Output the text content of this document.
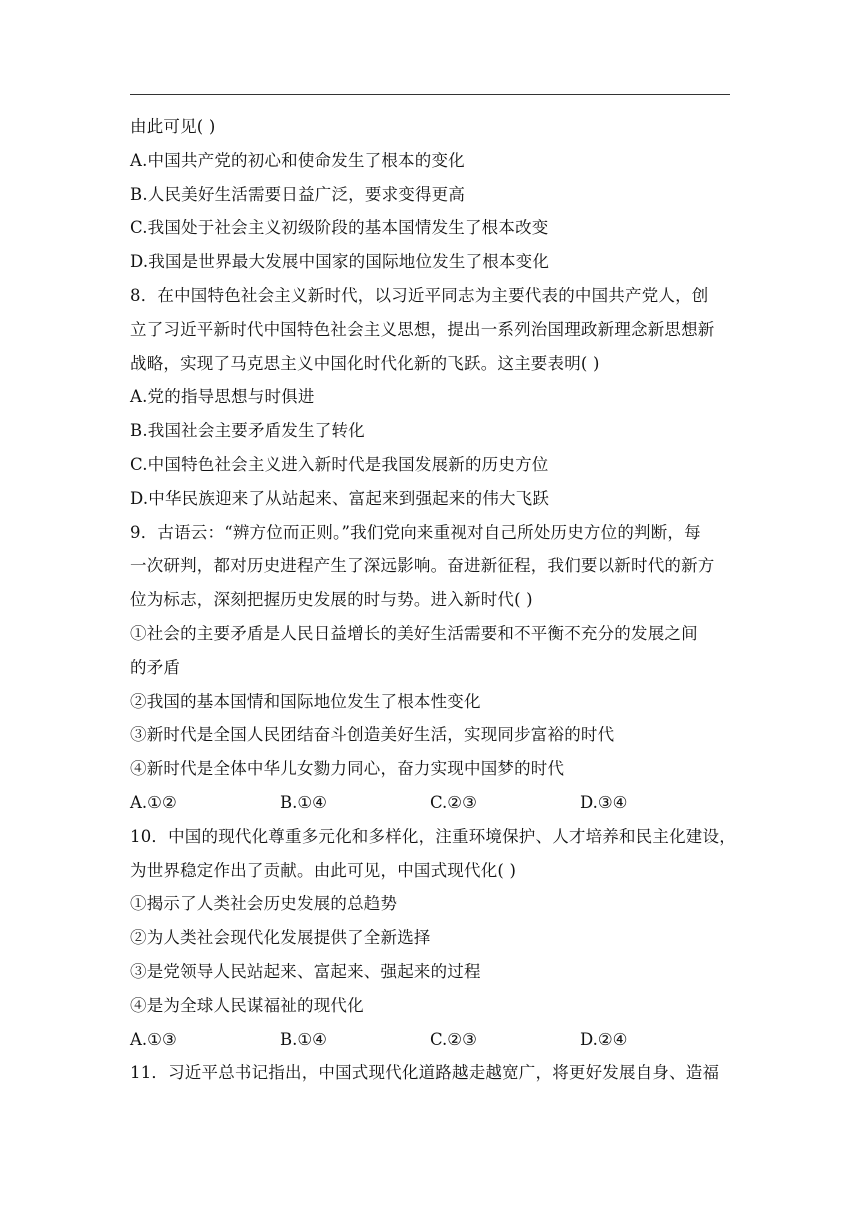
由此可见( )
A.中国共产党的初心和使命发生了根本的变化
B.人民美好生活需要日益广泛，要求变得更高
C.我国处于社会主义初级阶段的基本国情发生了根本改变
D.我国是世界最大发展中国家的国际地位发生了根本变化
8．在中国特色社会主义新时代，以习近平同志为主要代表的中国共产党人，创
立了习近平新时代中国特色社会主义思想，提出一系列治国理政新理念新思想新
战略，实现了马克思主义中国化时代化新的飞跃。这主要表明( )
A.党的指导思想与时俱进
B.我国社会主要矛盾发生了转化
C.中国特色社会主义进入新时代是我国发展新的历史方位
D.中华民族迎来了从站起来、富起来到强起来的伟大飞跃
9．古语云：“辨方位而正则。”我们党向来重视对自己所处历史方位的判断，每
一次研判，都对历史进程产生了深远影响。奋进新征程，我们要以新时代的新方
位为标志，深刻把握历史发展的时与势。进入新时代( )
①社会的主要矛盾是人民日益增长的美好生活需要和不平衡不充分的发展之间
的矛盾
②我国的基本国情和国际地位发生了根本性变化
③新时代是全国人民团结奋斗创造美好生活，实现同步富裕的时代
④新时代是全体中华儿女勠力同心，奋力实现中国梦的时代
A.①②	B.①④	C.②③	D.③④
10．中国的现代化尊重多元化和多样化，注重环境保护、人才培养和民主化建设，
为世界稳定作出了贡献。由此可见，中国式现代化( )
①揭示了人类社会历史发展的总趋势
②为人类社会现代化发展提供了全新选择
③是党领导人民站起来、富起来、强起来的过程
④是为全球人民谋福祉的现代化
A.①③	B.①④	C.②③	D.②④
11．习近平总书记指出，中国式现代化道路越走越宽广，将更好发展自身、造福
